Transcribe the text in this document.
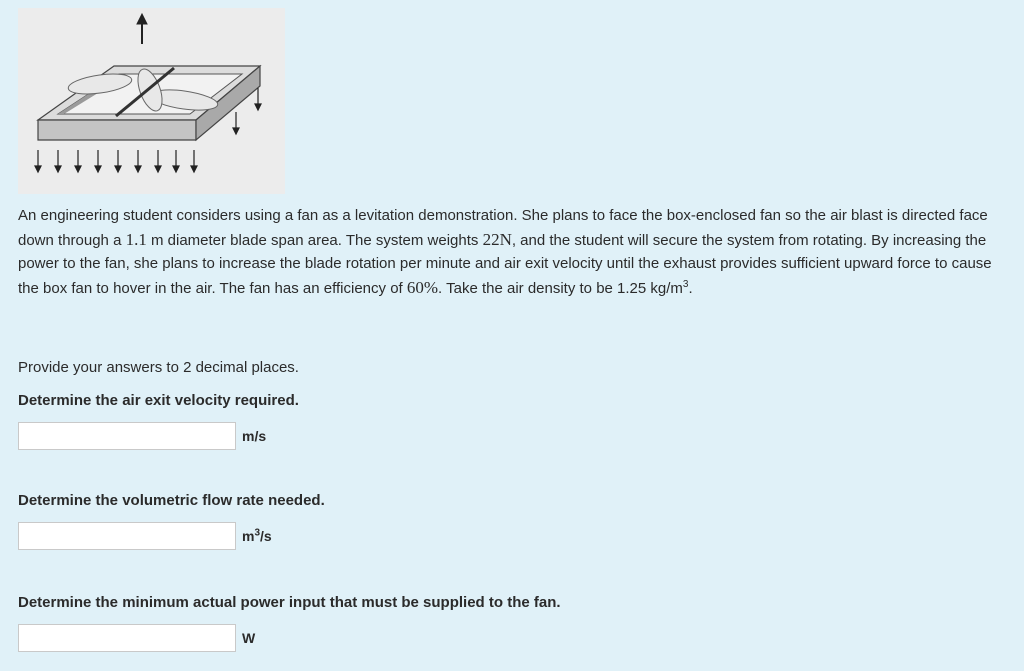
An engineering student considers using a fan as a levitation demonstration. She plans to face the box-enclosed fan so the air blast is directed face down through a 1.1 m diameter blade span area. The system weights 22N, and the student will secure the system from rotating. By increasing the power to the fan, she plans to increase the blade rotation per minute and air exit velocity until the exhaust provides sufficient upward force to cause the box fan to hover in the air. The fan has an efficiency of 60%. Take the air density to be 1.25 $kg/m^3$.

Provide your answers to 2 decimal places.

Determine the air exit velocity required.

m/s

Determine the volumetric flow rate needed.

$m^3/s$

Determine the minimum actual power input that must be supplied to the fan.

W
